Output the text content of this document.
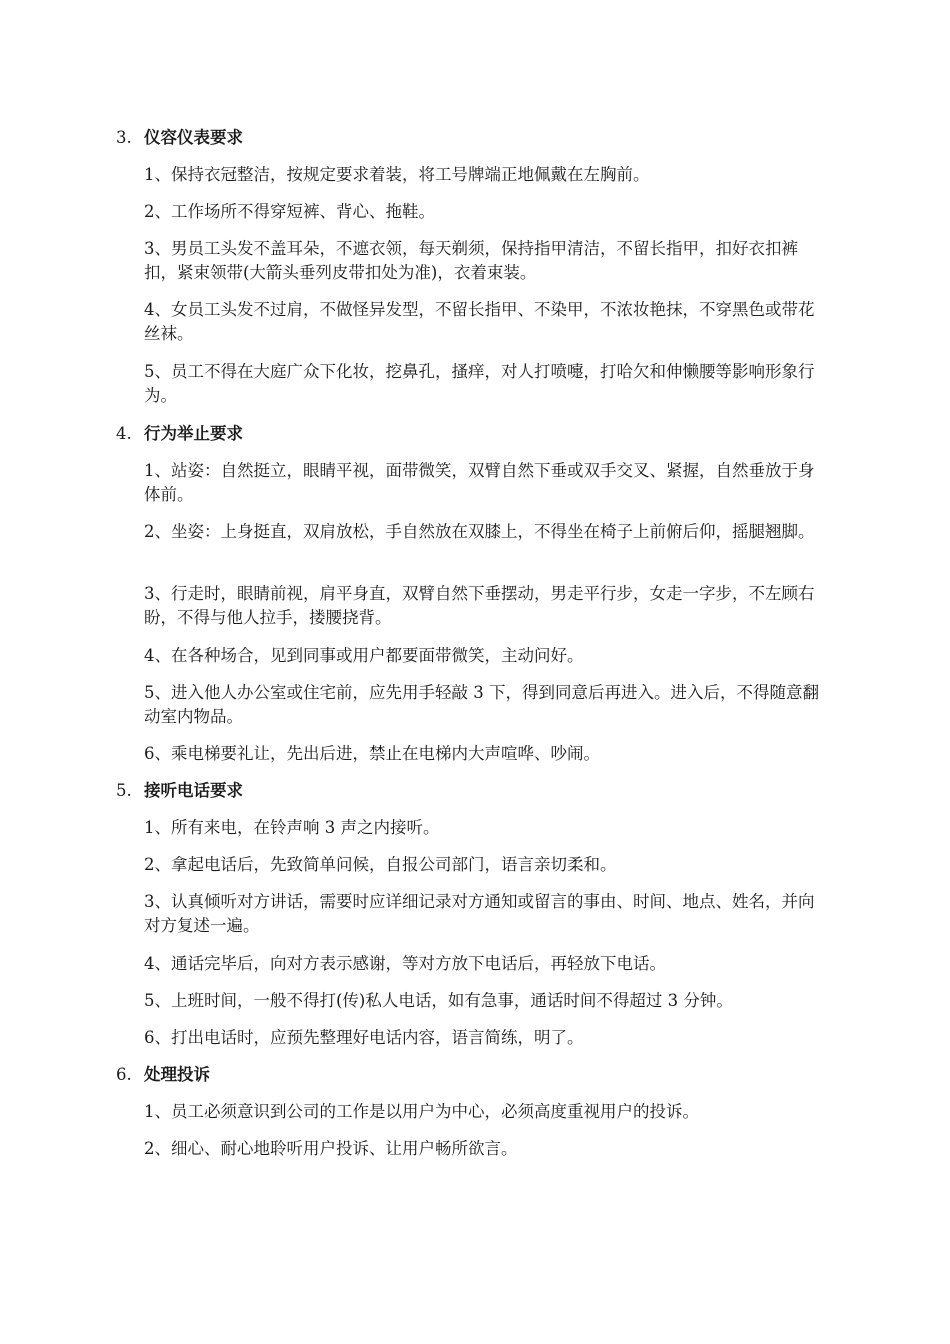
3. 仪容仪表要求
1、保持衣冠整洁，按规定要求着装，将工号牌端正地佩戴在左胸前。
2、工作场所不得穿短裤、背心、拖鞋。
3、男员工头发不盖耳朵，不遮衣领，每天剃须，保持指甲清洁，不留长指甲，扣好衣扣裤扣，紧束领带(大箭头垂列皮带扣处为准)，衣着束装。
4、女员工头发不过肩，不做怪异发型，不留长指甲、不染甲，不浓妆艳抹，不穿黑色或带花丝袜。
5、员工不得在大庭广众下化妆，挖鼻孔，搔痒，对人打喷嚏，打哈欠和伸懒腰等影响形象行为。
4. 行为举止要求
1、站姿：自然挺立，眼睛平视，面带微笑，双臂自然下垂或双手交叉、紧握，自然垂放于身体前。
2、坐姿：上身挺直，双肩放松，手自然放在双膝上，不得坐在椅子上前俯后仰，摇腿翘脚。
3、行走时，眼睛前视，肩平身直，双臂自然下垂摆动，男走平行步，女走一字步，不左顾右盼，不得与他人拉手，搂腰挠背。
4、在各种场合，见到同事或用户都要面带微笑，主动问好。
5、进入他人办公室或住宅前，应先用手轻敲 3 下，得到同意后再进入。进入后，不得随意翻动室内物品。
6、乘电梯要礼让，先出后进，禁止在电梯内大声喧哗、吵闹。
5. 接听电话要求
1、所有来电，在铃声响 3 声之内接听。
2、拿起电话后，先致简单问候，自报公司部门，语言亲切柔和。
3、认真倾听对方讲话，需要时应详细记录对方通知或留言的事由、时间、地点、姓名，并向对方复述一遍。
4、通话完毕后，向对方表示感谢，等对方放下电话后，再轻放下电话。
5、上班时间，一般不得打(传)私人电话，如有急事，通话时间不得超过 3 分钟。
6、打出电话时，应预先整理好电话内容，语言简练，明了。
6. 处理投诉
1、员工必须意识到公司的工作是以用户为中心，必须高度重视用户的投诉。
2、细心、耐心地聆听用户投诉、让用户畅所欲言。
